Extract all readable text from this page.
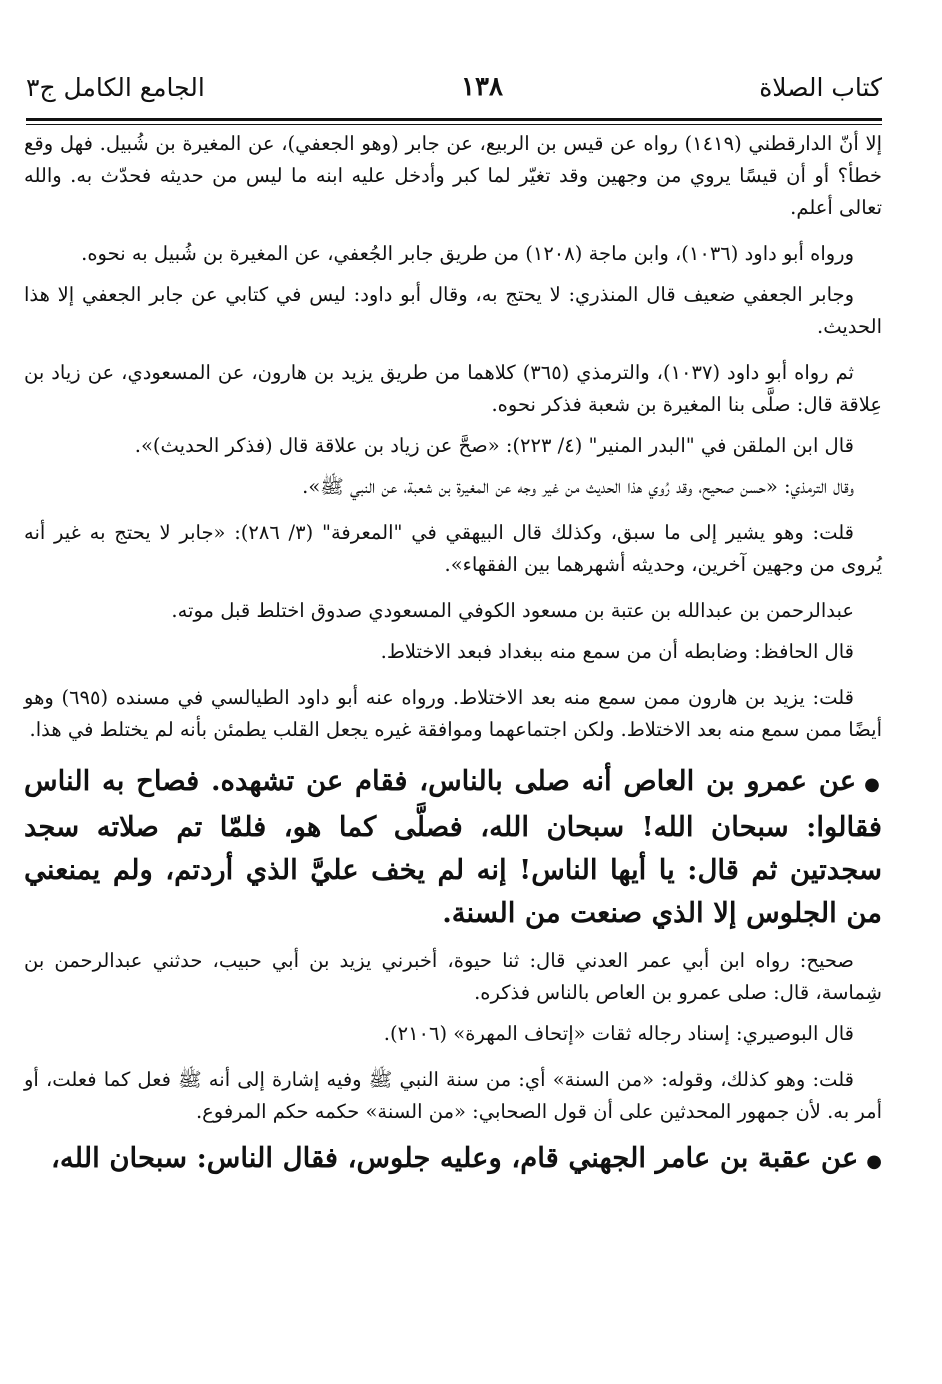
كتاب الصلاة
١٣٨
الجامع الكامل ج٣

إلا أنّ الدارقطني (١٤١٩) رواه عن قيس بن الربيع، عن جابر (وهو الجعفي)، عن المغيرة بن شُبيل. فهل وقع خطأ؟ أو أن قيسًا يروي من وجهين وقد تغيّر لما كبر وأدخل عليه ابنه ما ليس من حديثه فحدّث به. والله تعالى أعلم.

ورواه أبو داود (١٠٣٦)، وابن ماجة (١٢٠٨) من طريق جابر الجُعفي، عن المغيرة بن شُبيل به نحوه.

وجابر الجعفي ضعيف قال المنذري: لا يحتج به، وقال أبو داود: ليس في كتابي عن جابر الجعفي إلا هذا الحديث.

ثم رواه أبو داود (١٠٣٧)، والترمذي (٣٦٥) كلاهما من طريق يزيد بن هارون، عن المسعودي، عن زياد بن عِلاقة قال: صلَّى بنا المغيرة بن شعبة فذكر نحوه.

قال ابن الملقن في "البدر المنير" (٤/ ٢٢٣): «صحَّ عن زياد بن علاقة قال (فذكر الحديث)».

وقال الترمذي: «حسن صحيح، وقد رُوي هذا الحديث من غير وجه عن المغيرة بن شعبة، عن النبي ﷺ».

قلت: وهو يشير إلى ما سبق، وكذلك قال البيهقي في "المعرفة" (٣/ ٢٨٦): «جابر لا يحتج به غير أنه يُروى من وجهين آخرين، وحديثه أشهرهما بين الفقهاء».

عبدالرحمن بن عبدالله بن عتبة بن مسعود الكوفي المسعودي صدوق اختلط قبل موته.

قال الحافظ: وضابطه أن من سمع منه ببغداد فبعد الاختلاط.

قلت: يزيد بن هارون ممن سمع منه بعد الاختلاط. ورواه عنه أبو داود الطيالسي في مسنده (٦٩٥) وهو أيضًا ممن سمع منه بعد الاختلاط. ولكن اجتماعهما وموافقة غيره يجعل القلب يطمئن بأنه لم يختلط في هذا.

●عن عمرو بن العاص أنه صلى بالناس، فقام عن تشهده. فصاح به الناس فقالوا: سبحان الله! سبحان الله، فصلَّى كما هو، فلمّا تم صلاته سجد سجدتين ثم قال: يا أيها الناس! إنه لم يخف عليَّ الذي أردتم، ولم يمنعني من الجلوس إلا الذي صنعت من السنة.

صحيح: رواه ابن أبي عمر العدني قال: ثنا حيوة، أخبرني يزيد بن أبي حبيب، حدثني عبدالرحمن بن شِماسة، قال: صلى عمرو بن العاص بالناس فذكره.

قال البوصيري: إسناد رجاله ثقات «إتحاف المهرة» (٢١٠٦).

قلت: وهو كذلك، وقوله: «من السنة» أي: من سنة النبي ﷺ وفيه إشارة إلى أنه ﷺ فعل كما فعلت، أو أمر به. لأن جمهور المحدثين على أن قول الصحابي: «من السنة» حكمه حكم المرفوع.

●عن عقبة بن عامر الجهني قام، وعليه جلوس، فقال الناس: سبحان الله،
